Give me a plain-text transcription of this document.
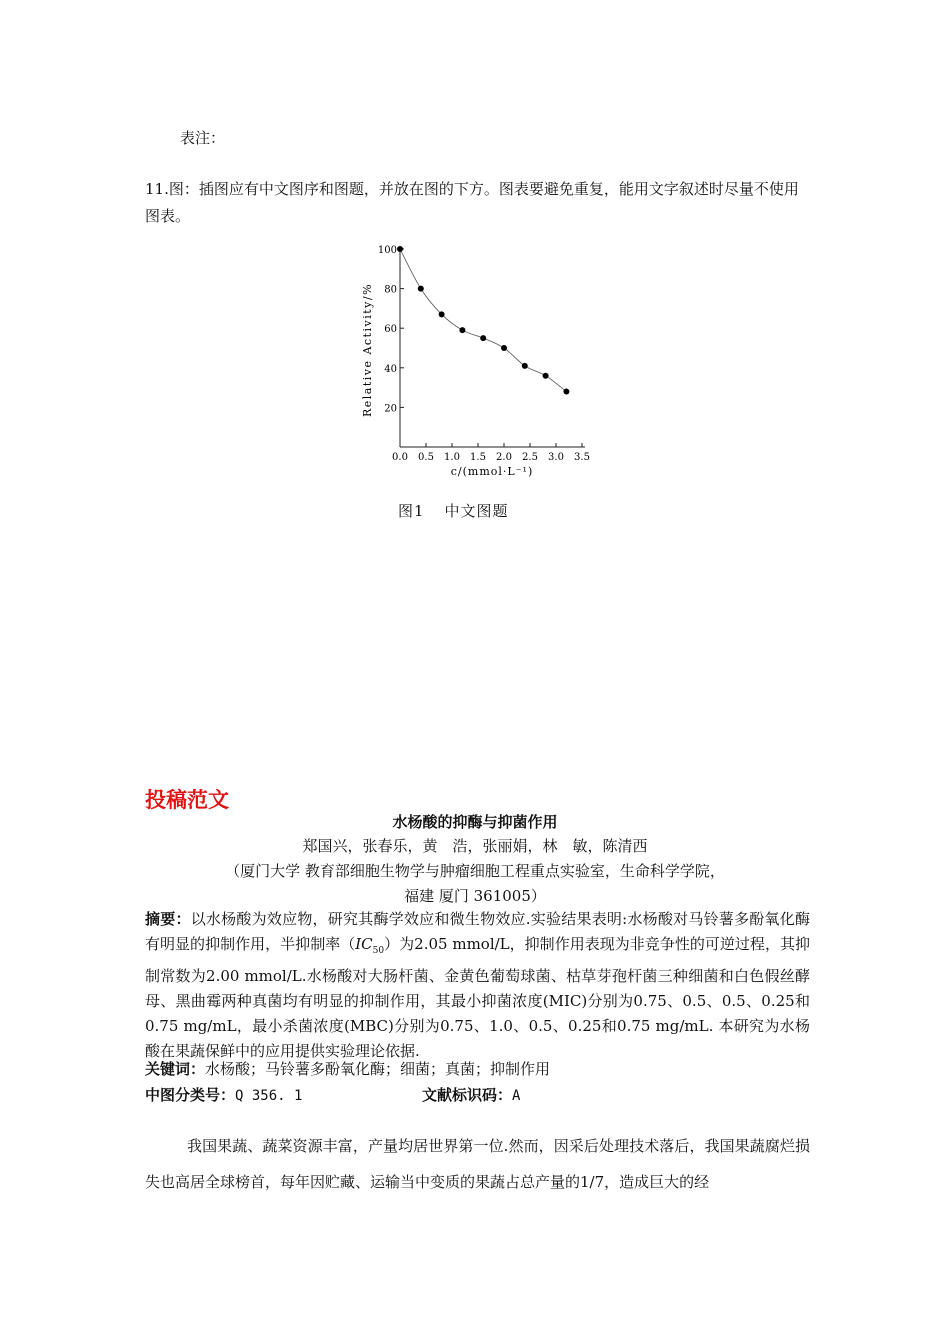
表注：
11.图：插图应有中文图序和图题，并放在图的下方。图表要避免重复，能用文字叙述时尽量不使用图表。
20
40
60
80
100
0.0 0.5 1.0 1.5 2.0 2.5 3.0 3.5
Relative Activity/%
c/(mmol·L⁻¹)
图1 中文图题
投稿范文
水杨酸的抑酶与抑菌作用
郑国兴，张春乐，黄　浩，张丽娟，林　敏，陈清西
（厦门大学 教育部细胞生物学与肿瘤细胞工程重点实验室，生命科学学院，
福建 厦门 361005）
摘要：以水杨酸为效应物，研究其酶学效应和微生物效应.实验结果表明:水杨酸对马铃薯多酚氧化酶有明显的抑制作用，半抑制率$(IC_{50})$为2.05 mmol/L，抑制作用表现为非竞争性的可逆过程，其抑制常数为2.00 mmol/L.水杨酸对大肠杆菌、金黄色葡萄球菌、枯草芽孢杆菌三种细菌和白色假丝酵母、黑曲霉两种真菌均有明显的抑制作用，其最小抑菌浓度(MIC)分别为0.75、0.5、0.5、0.25和0.75 mg/mL，最小杀菌浓度(MBC)分别为0.75、1.0、0.5、0.25和0.75 mg/mL. 本研究为水杨酸在果蔬保鲜中的应用提供实验理论依据.
关键词：水杨酸；马铃薯多酚氧化酶；细菌；真菌；抑制作用
中图分类号：Q 356. 1	文献标识码：A
我国果蔬、蔬菜资源丰富，产量均居世界第一位.然而，因采后处理技术落后，我国果蔬腐烂损失也高居全球榜首，每年因贮藏、运输当中变质的果蔬占总产量的1/7，造成巨大的经
